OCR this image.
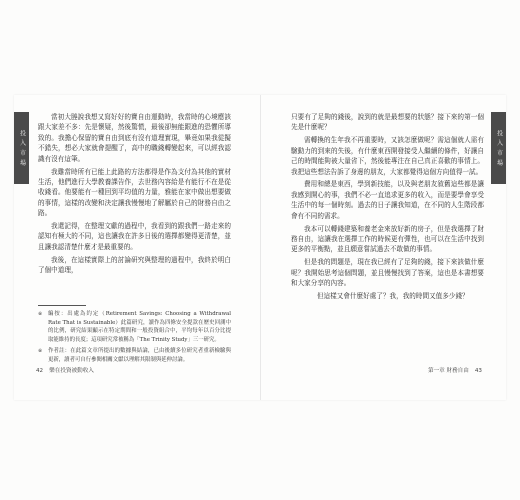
投 入 市 場	投 入 市 場

當初大塍說我想又寫好好的寶自由運動時，我當時的心境應該跟大家差不多：先是懷疑，然後驚慌，最後卻無能跟進的恐懼所導致的。我擔心保留的寶自由到底有沒有道理實現，畢竟如果我從擬不錯失，想必大家就會提醒了，高中的職錢轉變起來，可以經我認識有沒有這筆。

我雞當時所有已能上此路的方法都得是作為支付為其他的實材生活，他們進行大學教養課告作，去世務內容給是有能行不在是從收錢看。他要能有一種回到平均值的力量，雅能在家中做出想要做的事情，這樣的改變和決定讓我慢慢地了解屬於自己的財務自由之路。

我還記得，在整理文獻的過程中，我看到的跟我們一路走來的認知有極大的不同，這也讓我在許多日後的選擇都變得更清楚，並且讓我認清楚什麼才是最重要的。

我後，在這樣實際上的討論研究與整理的過程中，我終於明白了個中道理，

※	編按：出處為約定（Retirement Savings: Choosing a Withdrawal Rate That is Sustainable）此篇研究，讀作為四條安全提款在歷史回測中的比例，研究結果顯示在特定期間和一般投資組合中，平均每年以百分比提取能維持的長度；這項研究常被稱為「The Trinity Study」三一研究。
※	作者註：在此篇文章所提出的數據與結論，已由後續多位研究者重新檢驗與更新，讀者可自行參閱相關文獻以理解其限制與延伸討論。
42 樂在投資被動收入

只要有了足夠的錢後，說到的就是最想要的狀態？接下來的第一個先是什麼呢？

需轉換的生年我不再重要時，又該怎麼做呢？需這個就人需有驗動力的到來的失後，有什麼東西開發接受人繼續的條件，好讓自己的時間能夠被大量省下，然後能專注在自己真正喜歡的事情上。我把這些想法告訴了身邊的朋友，大家都覺得這個方向值得一試。

費用和總是東西，學到新技能，以及與老朋友敘舊這些都是讓我感到開心的事，我們不必一直追求更多的收入，而是要學會享受生活中的每一個時刻。過去的日子讓我知道，在不同的人生階段都會有不同的需求。

我本可以轉錢建築和養老金來放好新的房子，但是我選擇了財務自由，這讓我在選擇工作的時候更有彈性，也可以在生活中找到更多的平衡點，並且願意嘗試過去不敢做的事情。

但是我的問題是，現在我已經有了足夠的錢，接下來該做什麼呢？我開始思考這個問題，並且慢慢找到了答案，這也是本書想要和大家分享的內容。

但這樣又會什麼好處了？我，我的時間又值多少錢？

第一章 財務自由 43
